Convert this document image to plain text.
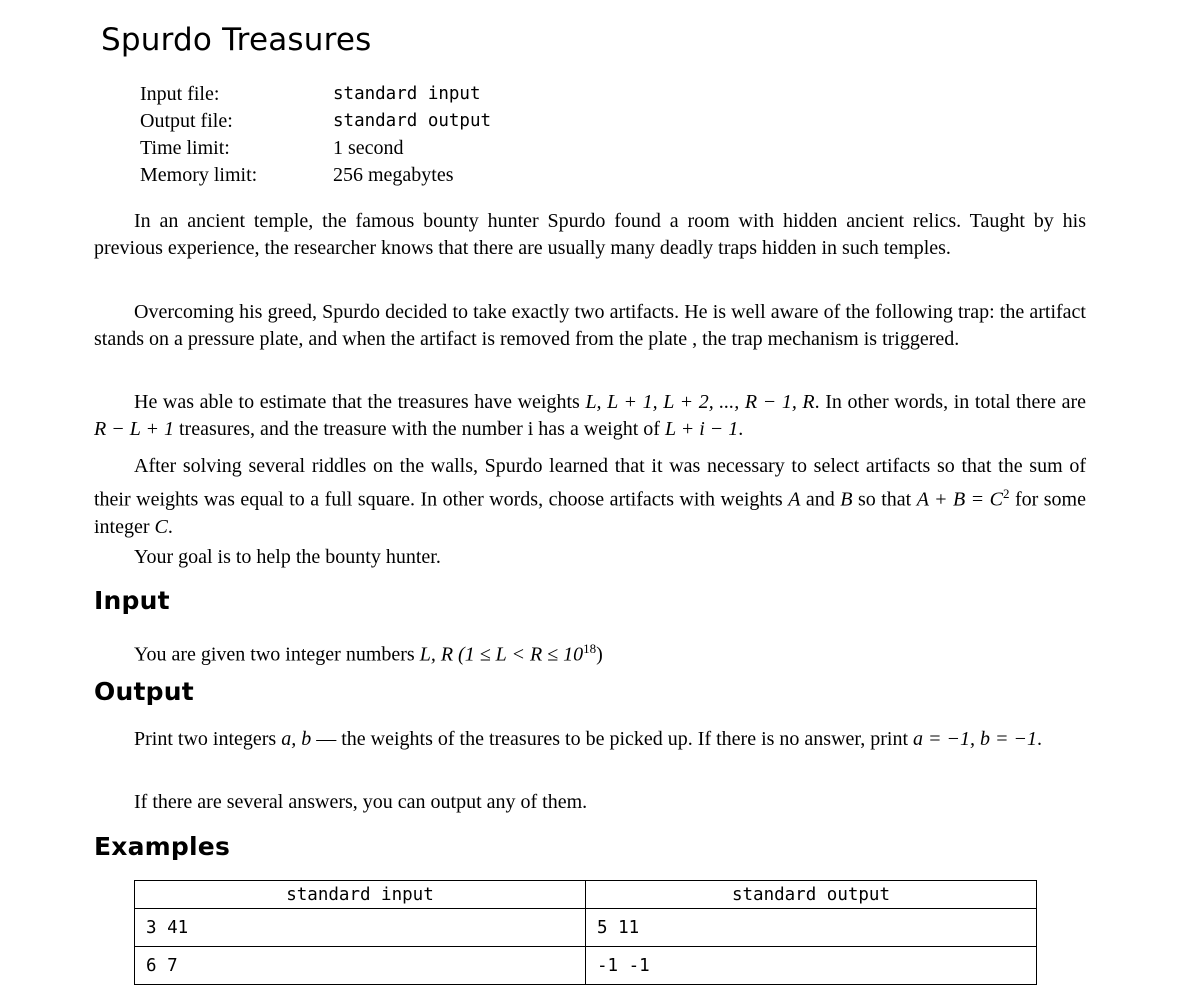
Spurdo Treasures
Input file:	standard input
Output file:	standard output
Time limit:	1 second
Memory limit:	256 megabytes

In an ancient temple, the famous bounty hunter Spurdo found a room with hidden ancient relics. Taught by his previous experience, the researcher knows that there are usually many deadly traps hidden in such temples.

Overcoming his greed, Spurdo decided to take exactly two artifacts. He is well aware of the following trap: the artifact stands on a pressure plate, and when the artifact is removed from the plate , the trap mechanism is triggered.

He was able to estimate that the treasures have weights L, L + 1, L + 2, ..., R − 1, R. In other words, in total there are R − L + 1 treasures, and the treasure with the number i has a weight of L + i − 1.

After solving several riddles on the walls, Spurdo learned that it was necessary to select artifacts so that the sum of their weights was equal to a full square. In other words, choose artifacts with weights A and B so that $A + B = C^2$ for some integer C.

Your goal is to help the bounty hunter.

Input

You are given two integer numbers L, R $(1 \le L < R \le 10^{18})$

Output

Print two integers a, b — the weights of the treasures to be picked up. If there is no answer, print a = −1, b = −1.

If there are several answers, you can output any of them.

Examples
standard input	standard output
3 41	5 11
6 7	-1 -1
